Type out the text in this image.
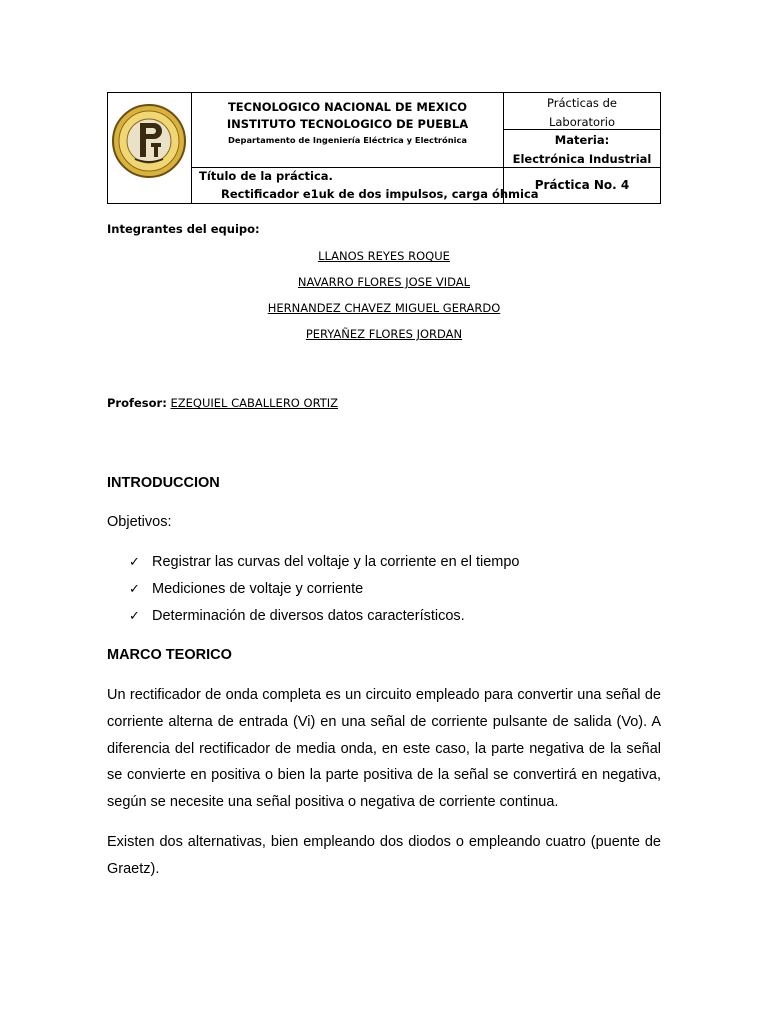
TECNOLOGICO NACIONAL DE MEXICO
INSTITUTO TECNOLOGICO DE PUEBLA
Departamento de Ingeniería Eléctrica y Electrónica
Prácticas de
Laboratorio
Materia:
Electrónica Industrial
Título de la práctica.
Rectificador e1uk de dos impulsos, carga óhmica
Práctica No. 4
Integrantes del equipo:
LLANOS REYES ROQUE
NAVARRO FLORES JOSE VIDAL
HERNANDEZ CHAVEZ MIGUEL GERARDO
PERYAÑEZ FLORES JORDAN
Profesor: EZEQUIEL CABALLERO ORTIZ
INTRODUCCION
Objetivos:
✓ Registrar las curvas del voltaje y la corriente en el tiempo
✓ Mediciones de voltaje y corriente
✓ Determinación de diversos datos característicos.
MARCO TEORICO

Un rectificador de onda completa es un circuito empleado para convertir una señal de corriente alterna de entrada (Vi) en una señal de corriente pulsante de salida (Vo). A diferencia del rectificador de media onda, en este caso, la parte negativa de la señal se convierte en positiva o bien la parte positiva de la señal se convertirá en negativa, según se necesite una señal positiva o negativa de corriente continua.

Existen dos alternativas, bien empleando dos diodos o empleando cuatro (puente de Graetz).
